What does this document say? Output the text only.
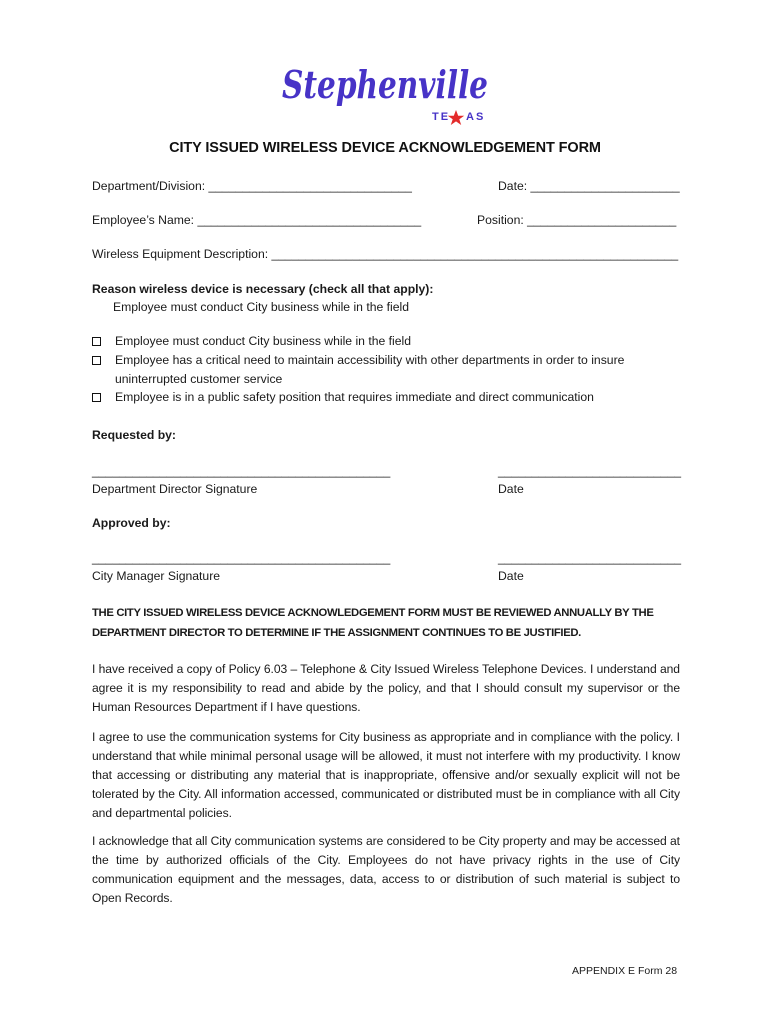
Stephenville
TE AS
CITY ISSUED WIRELESS DEVICE ACKNOWLEDGEMENT FORM
Department/Division: ______________________________	Date: ______________________
Employee’s Name: _________________________________	Position: ______________________
Wireless Equipment Description: ____________________________________________________________
Reason wireless device is necessary (check all that apply):
Employee must conduct City business while in the field
Employee must conduct City business while in the field
Employee has a critical need to maintain accessibility with other departments in order to insure
uninterrupted customer service
Employee is in a public safety position that requires immediate and direct communication
Requested by:
____________________________________________	___________________________
Department Director Signature	Date
Approved by:
____________________________________________	___________________________
City Manager Signature	Date
THE CITY ISSUED WIRELESS DEVICE ACKNOWLEDGEMENT FORM MUST BE REVIEWED ANNUALLY BY THE
DEPARTMENT DIRECTOR TO DETERMINE IF THE ASSIGNMENT CONTINUES TO BE JUSTIFIED.
I have received a copy of Policy 6.03 – Telephone & City Issued Wireless Telephone Devices. I understand and agree it is my responsibility to read and abide by the policy, and that I should consult my supervisor or the Human Resources Department if I have questions.
I agree to use the communication systems for City business as appropriate and in compliance with the policy. I understand that while minimal personal usage will be allowed, it must not interfere with my productivity. I know that accessing or distributing any material that is inappropriate, offensive and/or sexually explicit will not be tolerated by the City. All information accessed, communicated or distributed must be in compliance with all City and departmental policies.
I acknowledge that all City communication systems are considered to be City property and may be accessed at the time by authorized officials of the City. Employees do not have privacy rights in the use of City communication equipment and the messages, data, access to or distribution of such material is subject to Open Records.
APPENDIX E Form 28
